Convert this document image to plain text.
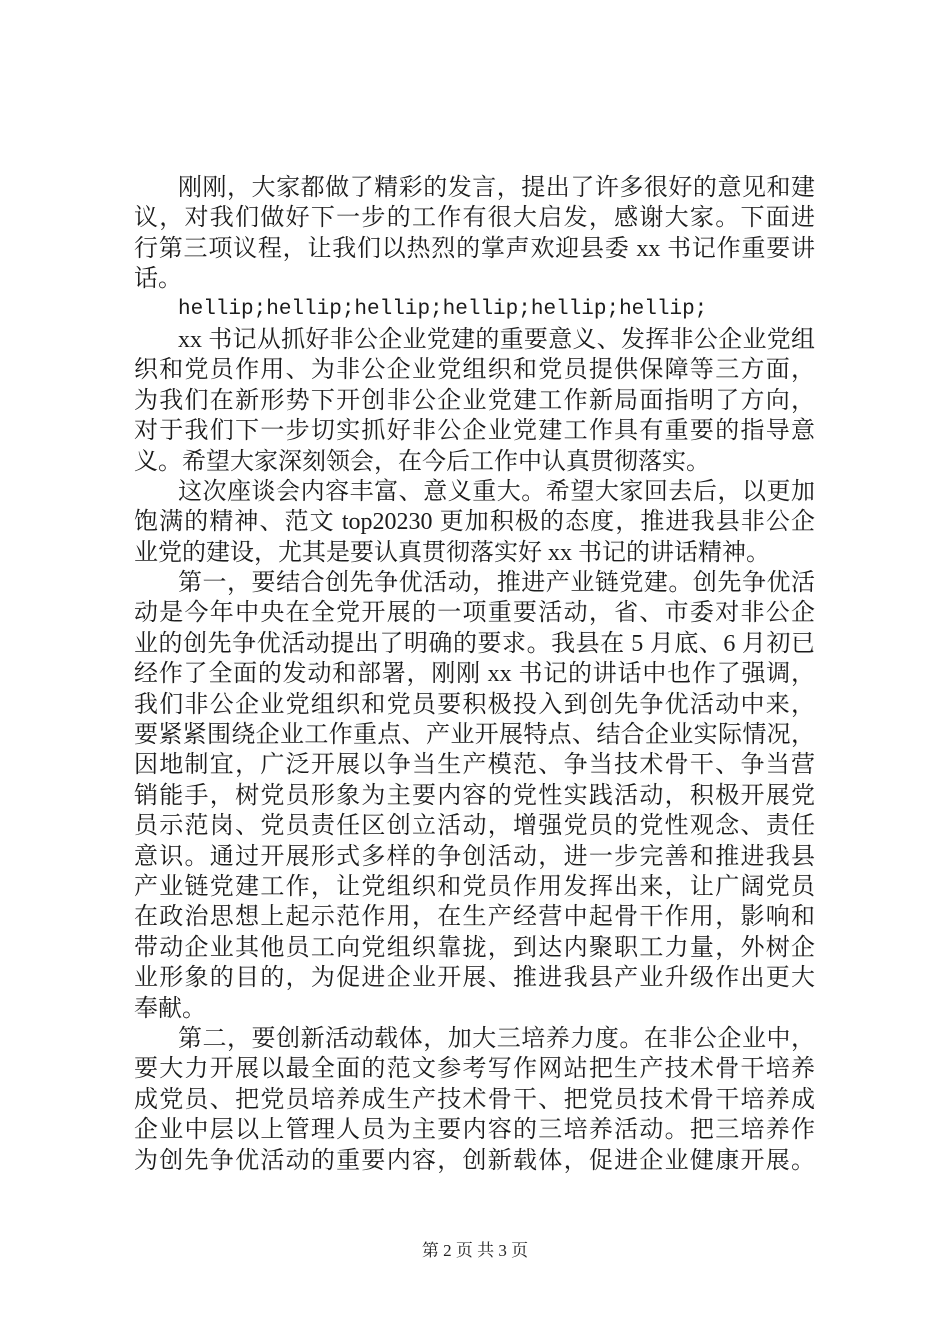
刚刚，大家都做了精彩的发言，提出了许多很好的意见和建
议，对我们做好下一步的工作有很大启发，感谢大家。下面进
行第三项议程，让我们以热烈的掌声欢迎县委 xx 书记作重要讲
话。
hellip;hellip;hellip;hellip;hellip;hellip;
xx 书记从抓好非公企业党建的重要意义、发挥非公企业党组
织和党员作用、为非公企业党组织和党员提供保障等三方面，
为我们在新形势下开创非公企业党建工作新局面指明了方向，
对于我们下一步切实抓好非公企业党建工作具有重要的指导意
义。希望大家深刻领会，在今后工作中认真贯彻落实。
这次座谈会内容丰富、意义重大。希望大家回去后，以更加
饱满的精神、范文 top20230 更加积极的态度，推进我县非公企
业党的建设，尤其是要认真贯彻落实好 xx 书记的讲话精神。
第一，要结合创先争优活动，推进产业链党建。创先争优活
动是今年中央在全党开展的一项重要活动，省、市委对非公企
业的创先争优活动提出了明确的要求。我县在 5 月底、6 月初已
经作了全面的发动和部署，刚刚 xx 书记的讲话中也作了强调，
我们非公企业党组织和党员要积极投入到创先争优活动中来，
要紧紧围绕企业工作重点、产业开展特点、结合企业实际情况，
因地制宜，广泛开展以争当生产模范、争当技术骨干、争当营
销能手，树党员形象为主要内容的党性实践活动，积极开展党
员示范岗、党员责任区创立活动，增强党员的党性观念、责任
意识。通过开展形式多样的争创活动，进一步完善和推进我县
产业链党建工作，让党组织和党员作用发挥出来，让广阔党员
在政治思想上起示范作用，在生产经营中起骨干作用，影响和
带动企业其他员工向党组织靠拢，到达内聚职工力量，外树企
业形象的目的，为促进企业开展、推进我县产业升级作出更大
奉献。
第二，要创新活动载体，加大三培养力度。在非公企业中，
要大力开展以最全面的范文参考写作网站把生产技术骨干培养
成党员、把党员培养成生产技术骨干、把党员技术骨干培养成
企业中层以上管理人员为主要内容的三培养活动。把三培养作
为创先争优活动的重要内容，创新载体，促进企业健康开展。
第 2 页 共 3 页
